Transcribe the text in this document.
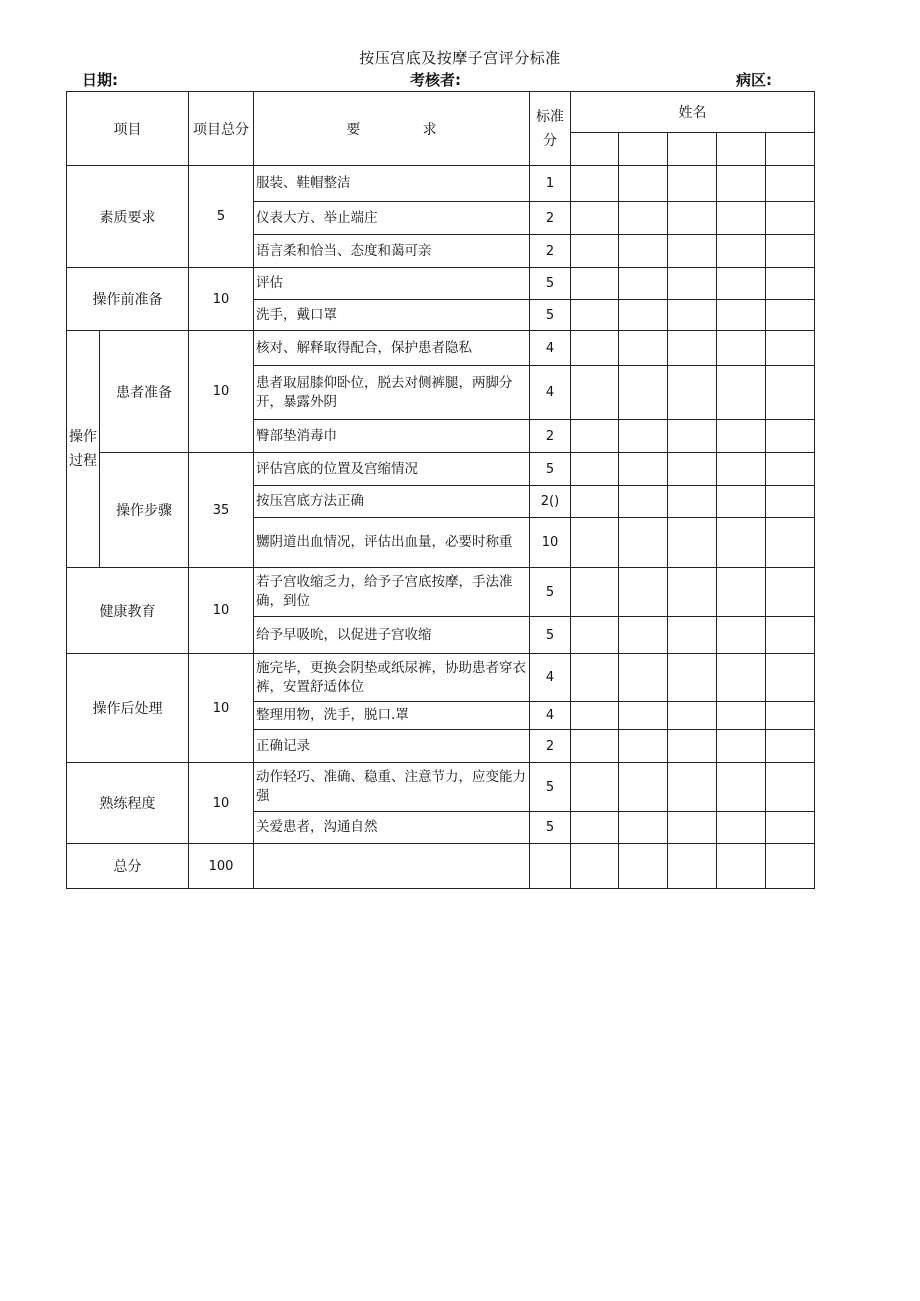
按压宫底及按摩子宫评分标准
日期:	考核者:	病区:
项目		项目总分	要              求	标准
分	姓名				

素质要求		5	服装、鞋帽整洁	1					
			仪表大方、举止端庄	2					
			语言柔和恰当、态度和蔼可亲	2					
操作前准备		10	评估	5					
			洗手，戴口罩	5					

操作
过程	患者准备	10	核对、解释取得配合，保护患者隐私	4					
			患者取屈膝仰卧位，脱去对侧裤腿，两脚分开，暴露外阴	4					
			臀部垫消毒巾	2					
	操作步骤	35	评估宫底的位置及宫缩情况	5					
			按压宫底方法正确	2()					
			嬲阴道出血情况，评估出血量，必要时称重	10					
健康教育		10	若子宫收缩乏力，给予子宫底按摩，手法准确，到位	5					
			给予早吸吮，以促进子宫收缩	5					
操作后处理		10	施完毕，更换会阴垫或纸尿裤，协助患者穿衣裤，安置舒适体位	4					
			整理用物，洗手，脱口.罩	4					
			正确记录	2					
熟练程度		10	动作轻巧、准确、稳重、注意节力，应变能力强	5					
			关爱患者，沟通自然	5					
总分		100							
